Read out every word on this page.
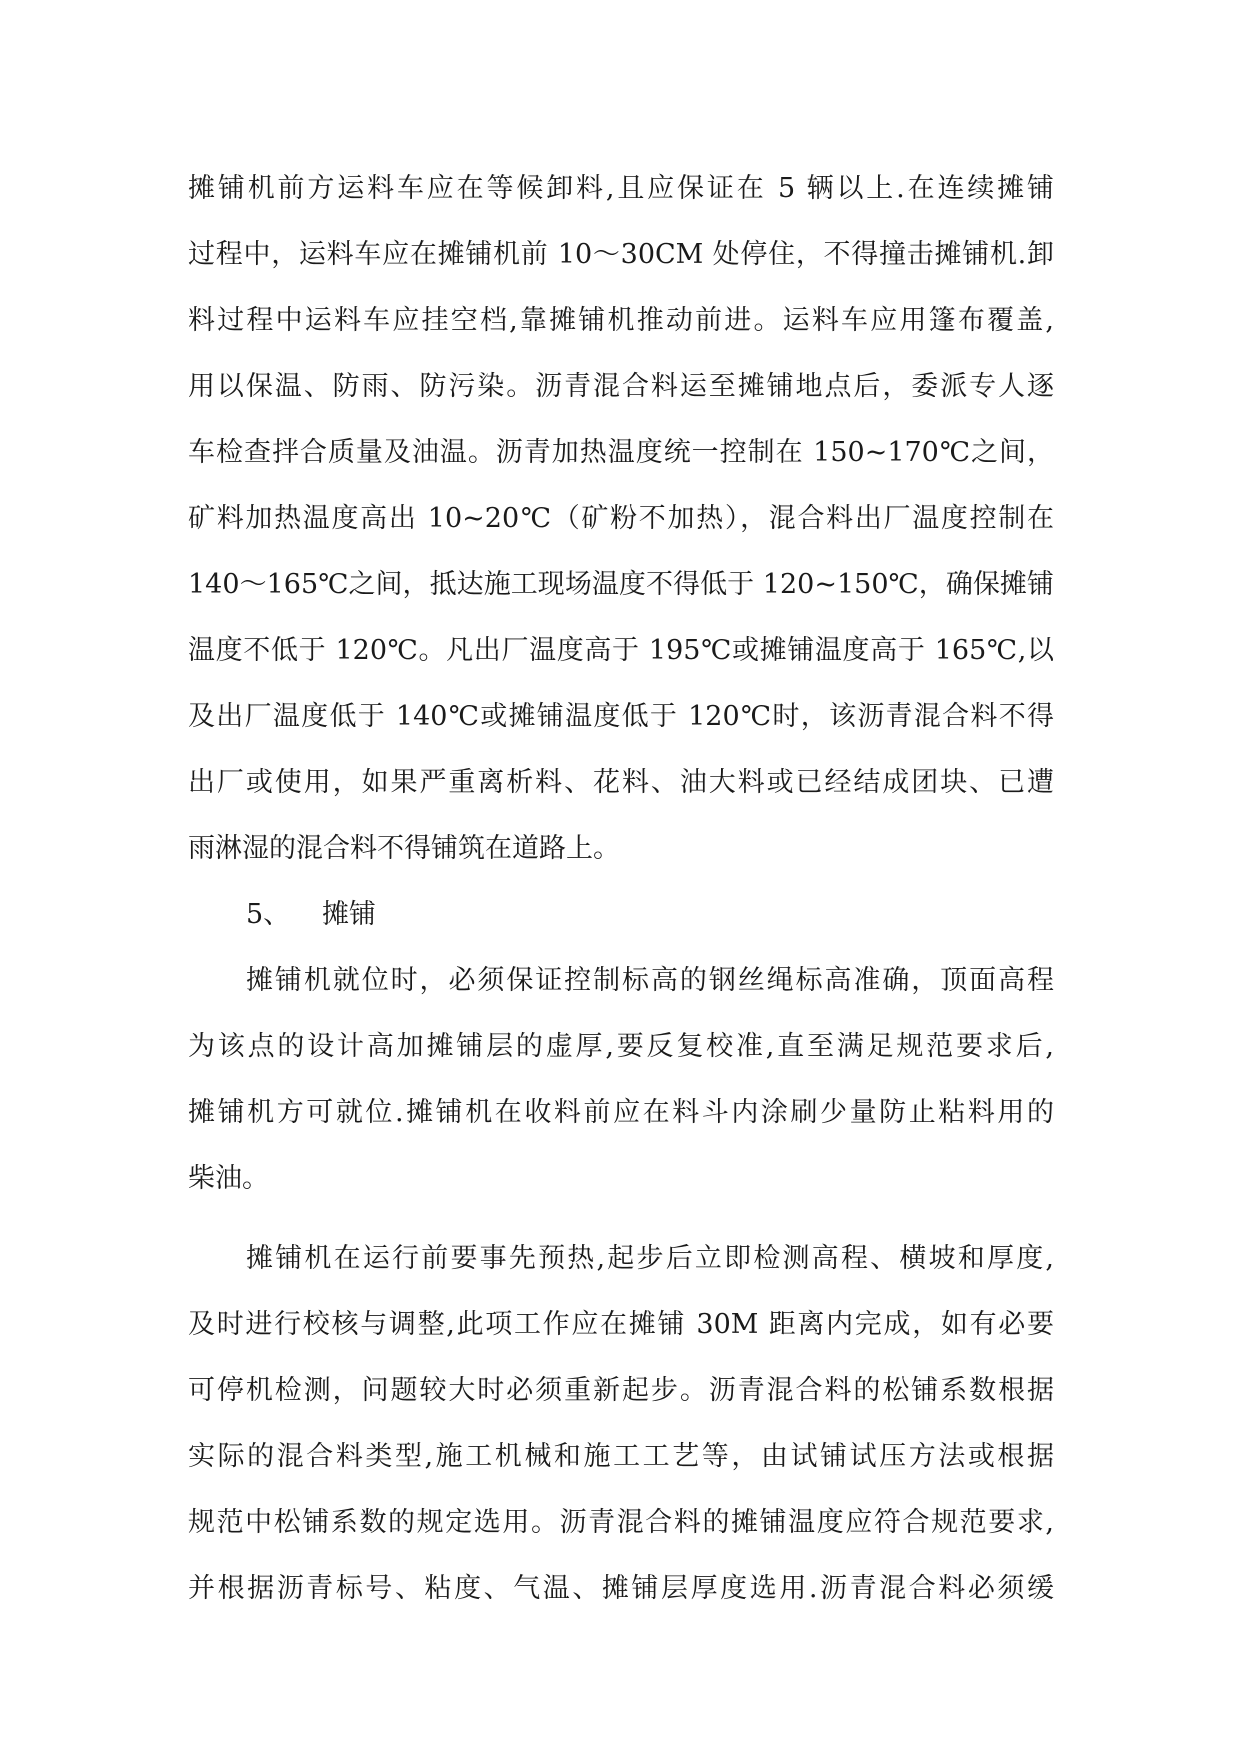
摊铺机前方运料车应在等候卸料,且应保证在 5 辆以上.在连续摊铺
过程中，运料车应在摊铺机前 10～30CM 处停住，不得撞击摊铺机.卸
料过程中运料车应挂空档,靠摊铺机推动前进。运料车应用篷布覆盖,
用以保温、防雨、防污染。沥青混合料运至摊铺地点后，委派专人逐
车检查拌合质量及油温。沥青加热温度统一控制在 150~170℃之间，
矿料加热温度高出 10~20℃（矿粉不加热），混合料出厂温度控制在
140～165℃之间，抵达施工现场温度不得低于 120~150℃，确保摊铺
温度不低于 120℃。凡出厂温度高于 195℃或摊铺温度高于 165℃,以
及出厂温度低于 140℃或摊铺温度低于 120℃时，该沥青混合料不得
出厂或使用，如果严重离析料、花料、油大料或已经结成团块、已遭
雨淋湿的混合料不得铺筑在道路上。
5、 摊铺
摊铺机就位时，必须保证控制标高的钢丝绳标高准确，顶面高程
为该点的设计高加摊铺层的虚厚,要反复校准,直至满足规范要求后,
摊铺机方可就位.摊铺机在收料前应在料斗内涂刷少量防止粘料用的
柴油。
摊铺机在运行前要事先预热,起步后立即检测高程、横坡和厚度,
及时进行校核与调整,此项工作应在摊铺 30M 距离内完成，如有必要
可停机检测，问题较大时必须重新起步。沥青混合料的松铺系数根据
实际的混合料类型,施工机械和施工工艺等，由试铺试压方法或根据
规范中松铺系数的规定选用。沥青混合料的摊铺温度应符合规范要求,
并根据沥青标号、粘度、气温、摊铺层厚度选用.沥青混合料必须缓
